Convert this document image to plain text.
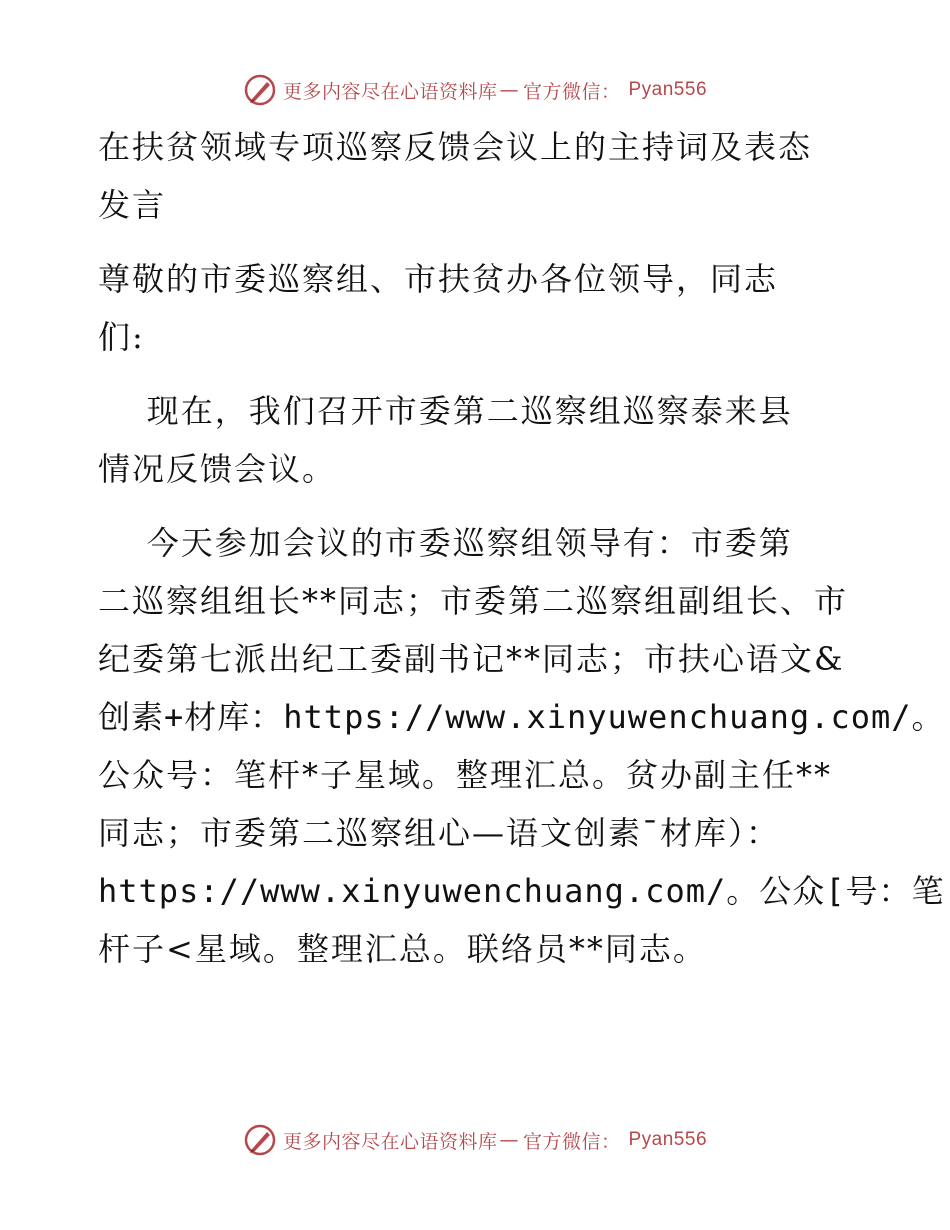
更多内容尽在心语资料库 — 官方微信： Pyan556
在扶贫领域专项巡察反馈会议上的主持词及表态
发言
尊敬的市委巡察组、市扶贫办各位领导，同志
们:
现在，我们召开市委第二巡察组巡察泰来县
情况反馈会议。
今天参加会议的市委巡察组领导有：市委第
二巡察组组长**同志；市委第二巡察组副组长、市
纪委第七派出纪工委副书记**同志；市扶心语文&
创素+材库：https://www.xinyuwenchuang.com/。
公众号：笔杆*子星域。整理汇总。贫办副主任**
同志；市委第二巡察组心—语文创素¯材库）：
https://www.xinyuwenchuang.com/。公众[号：笔
杆子<星域。整理汇总。联络员**同志。
更多内容尽在心语资料库 — 官方微信： Pyan556
